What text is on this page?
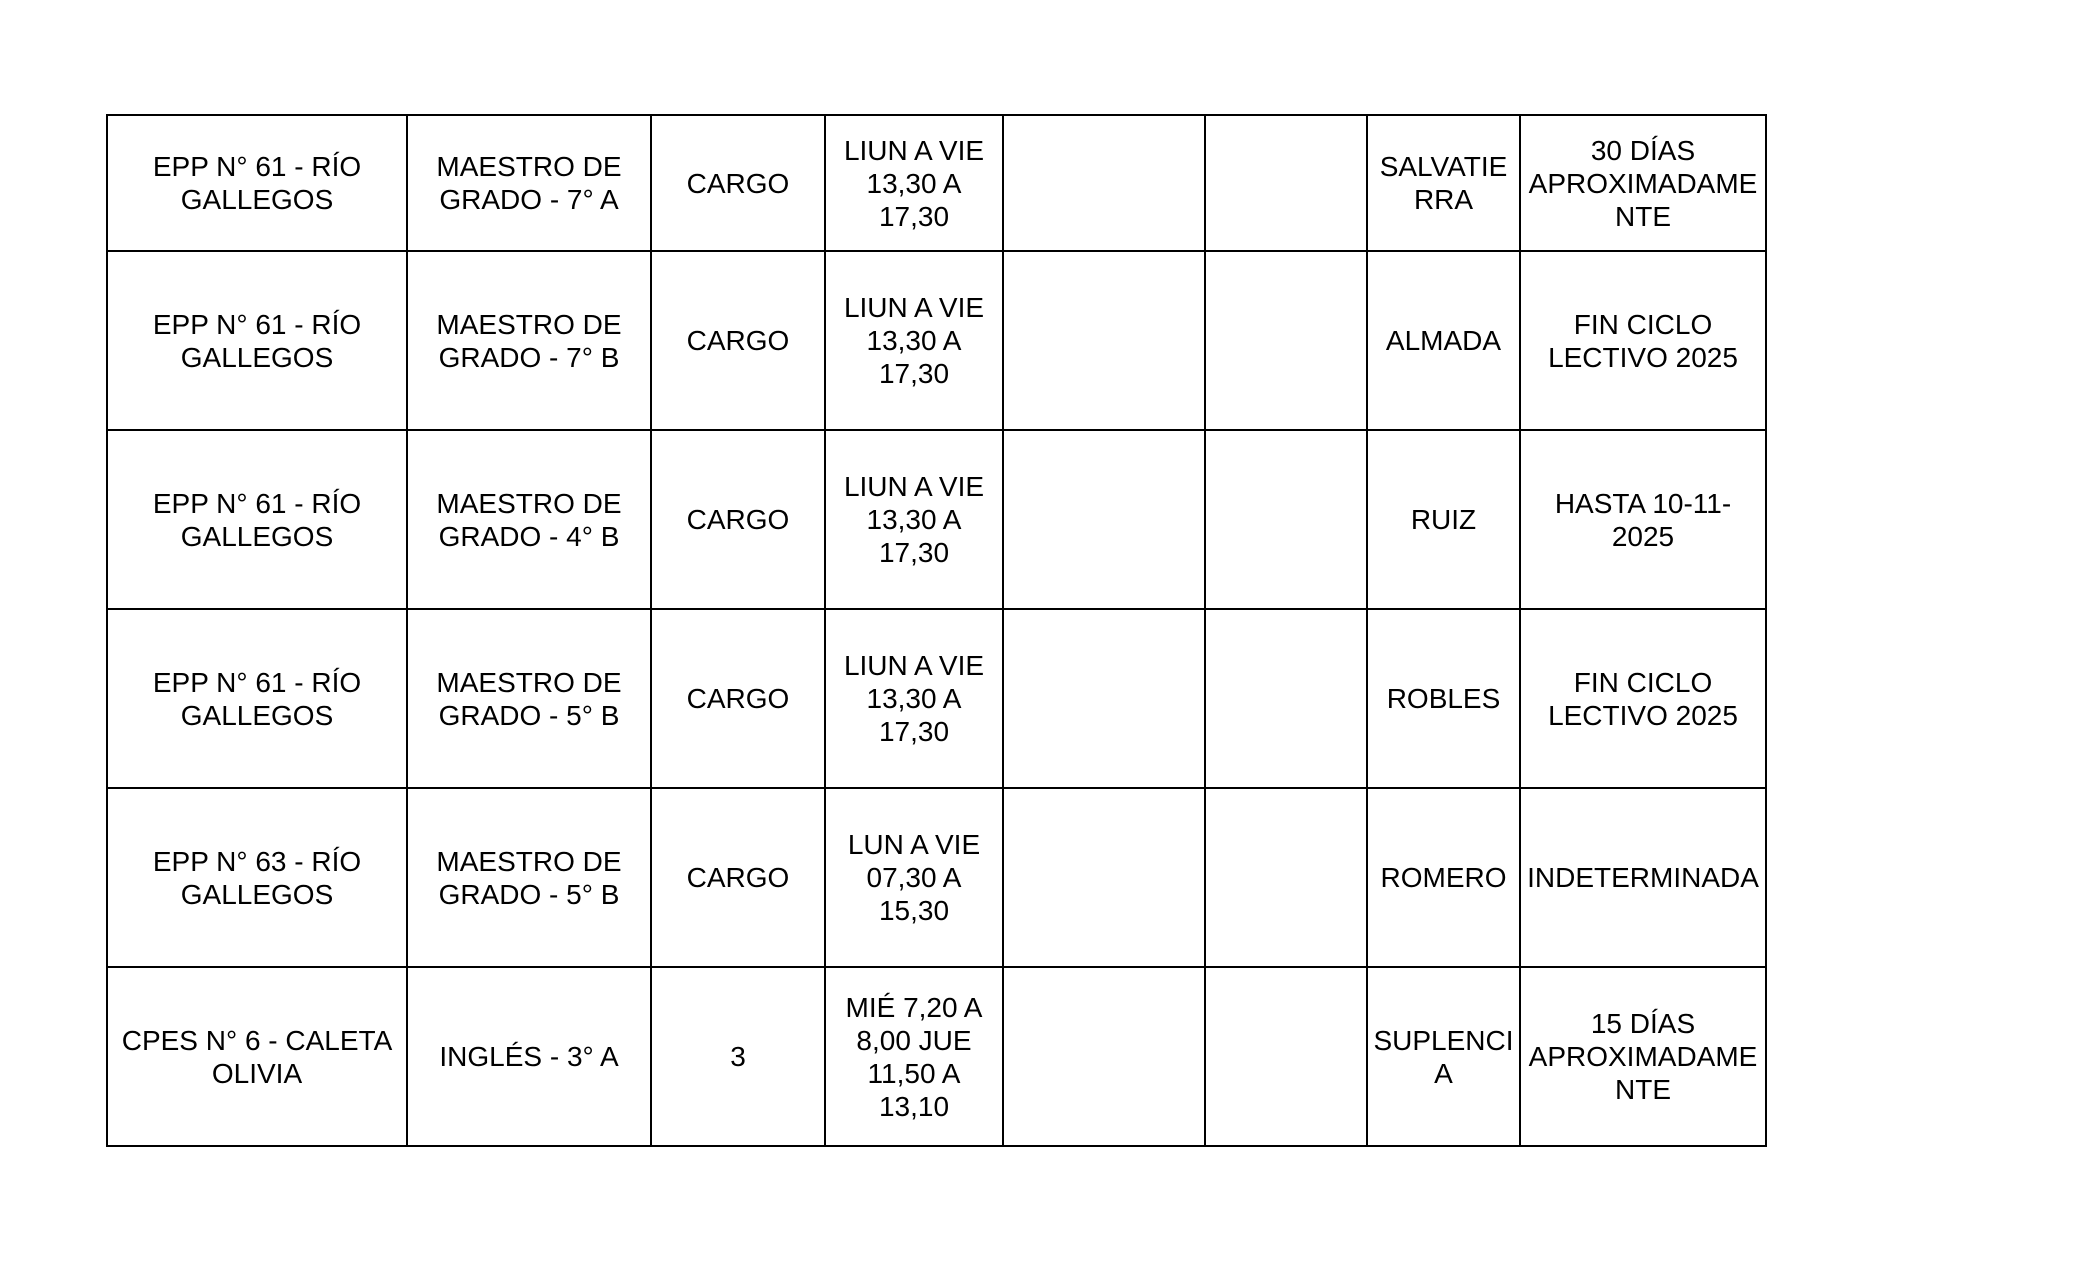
EPP N° 61 - RÍO
GALLEGOS	MAESTRO DE
GRADO - 7° A	CARGO	LIUN A VIE
13,30 A 17,30			SALVATIE
RRA	30 DÍAS
APROXIMADAME
NTE
EPP N° 61 - RÍO
GALLEGOS	MAESTRO DE
GRADO - 7° B	CARGO	LIUN A VIE
13,30 A 17,30			ALMADA	FIN CICLO
LECTIVO 2025
EPP N° 61 - RÍO
GALLEGOS	MAESTRO DE
GRADO - 4° B	CARGO	LIUN A VIE
13,30 A 17,30			RUIZ	HASTA 10-11-2025
EPP N° 61 - RÍO
GALLEGOS	MAESTRO DE
GRADO - 5° B	CARGO	LIUN A VIE
13,30 A 17,30			ROBLES	FIN CICLO
LECTIVO 2025
EPP N° 63 - RÍO
GALLEGOS	MAESTRO DE
GRADO - 5° B	CARGO	LUN A VIE
07,30 A 15,30			ROMERO	INDETERMINADA
CPES N° 6 - CALETA
OLIVIA	INGLÉS - 3° A	3	MIÉ 7,20 A
8,00 JUE
11,50 A 13,10			SUPLENCI
A	15 DÍAS
APROXIMADAME
NTE
